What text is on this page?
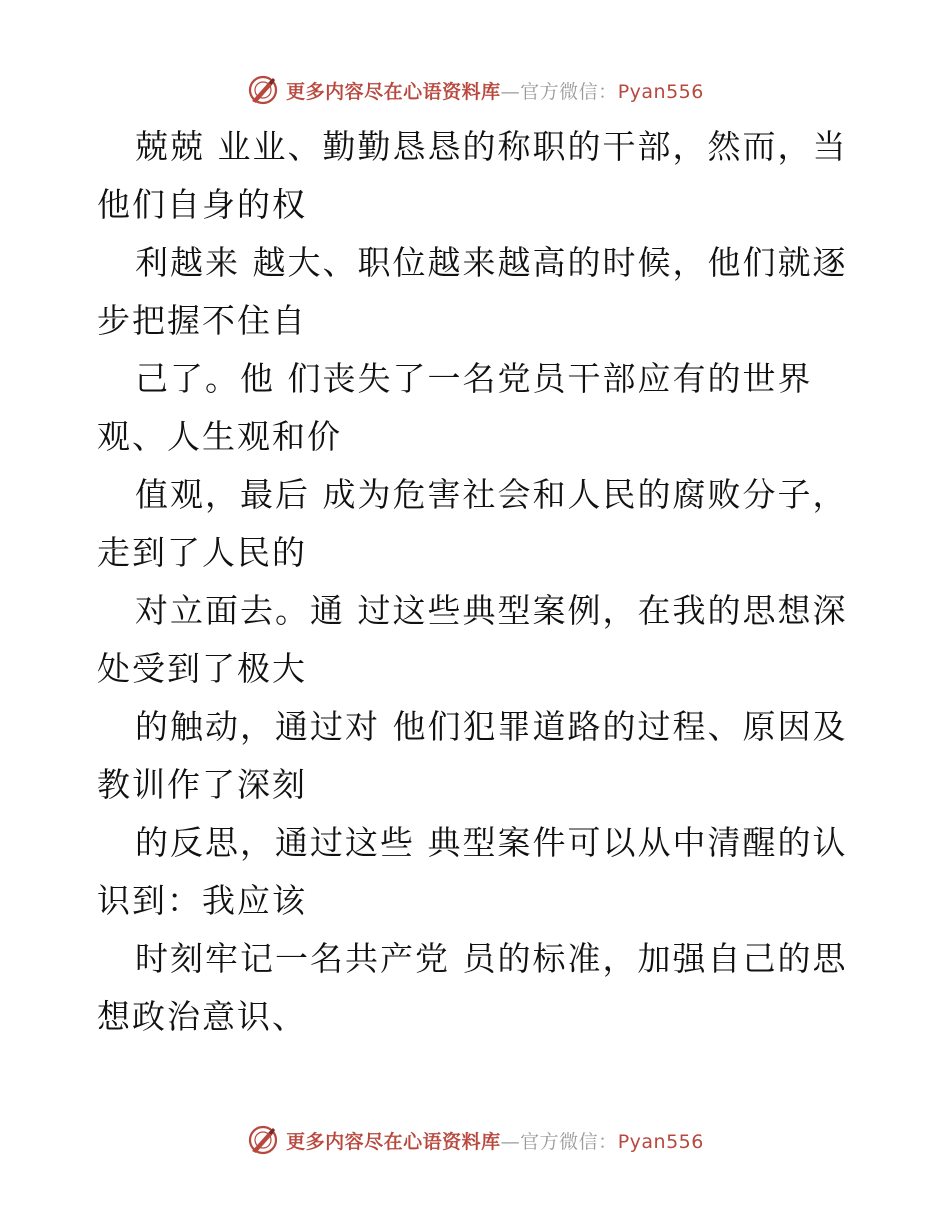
更多内容尽在心语资料库—官方微信：Pyan556

兢兢 业业、勤勤恳恳的称职的干部，然而，当
他们自身的权

利越来 越大、职位越来越高的时候，他们就逐
步把握不住自

己了。他 们丧失了一名党员干部应有的世界
观、人生观和价

值观，最后 成为危害社会和人民的腐败分子，
走到了人民的

对立面去。通 过这些典型案例，在我的思想深
处受到了极大

的触动，通过对 他们犯罪道路的过程、原因及
教训作了深刻

的反思，通过这些 典型案件可以从中清醒的认
识到：我应该

时刻牢记一名共产党 员的标准，加强自己的思
想政治意识、

更多内容尽在心语资料库—官方微信：Pyan556
